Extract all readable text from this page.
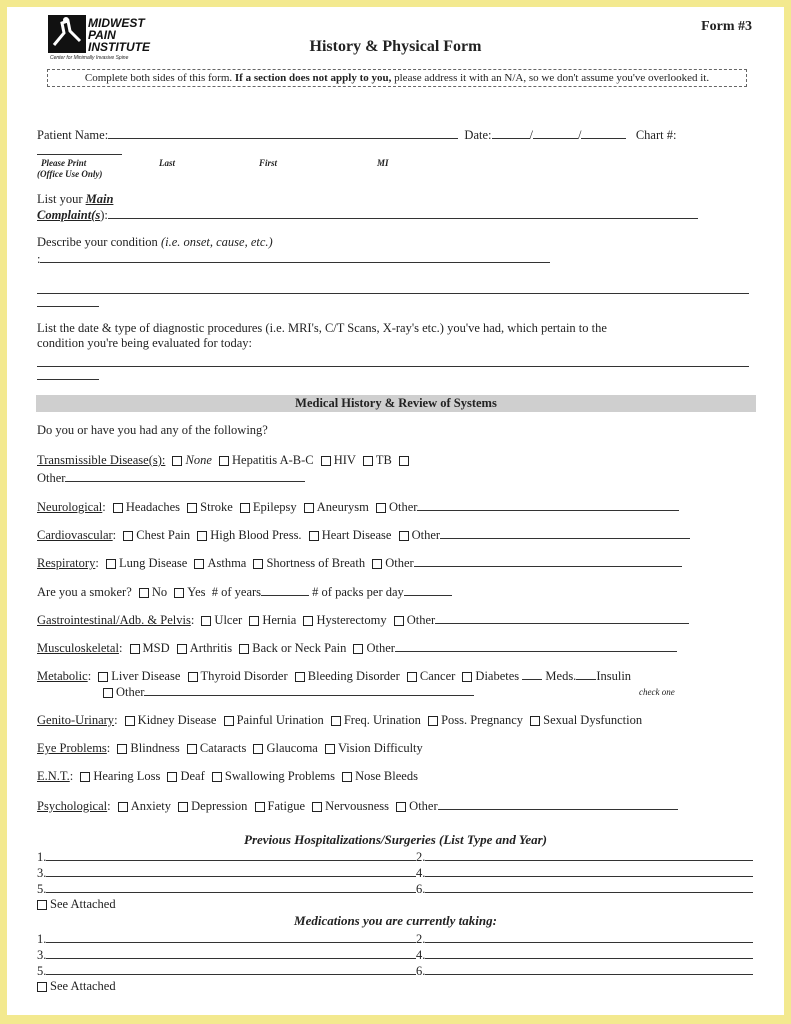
MIDWEST
PAIN
INSTITUTE
Center for Minimally Invasive Spine
Form #3
History & Physical Form
Complete both sides of this form. If a section does not apply to you, please address it with an N/A, so we don't assume you've overlooked it.
Patient Name:	Date:	/	/	Chart #:
Please Print	Last	First	MI
(Office Use Only)
List your Main
Complaint(s):
Describe your condition (i.e. onset, cause, etc.)
:
List the date & type of diagnostic procedures (i.e. MRI's, C/T Scans, X-ray's etc.) you've had, which pertain to the
condition you're being evaluated for today:
Medical History & Review of Systems
Do you or have you had any of the following?
Transmissible Disease(s): None Hepatitis A-B-C HIV TB
Other
Neurological: Headaches Stroke Epilepsy Aneurysm Other
Cardiovascular: Chest Pain High Blood Press. Heart Disease Other
Respiratory: Lung Disease Asthma Shortness of Breath Other
Are you a smoker? No Yes # of years	# of packs per day
Gastrointestinal/Adb. & Pelvis: Ulcer Hernia Hysterectomy Other
Musculoskeletal: MSD Arthritis Back or Neck Pain Other
Metabolic: Liver Disease Thyroid Disorder Bleeding Disorder Cancer Diabetes Meds. Insulin
Other	check one
Genito-Urinary: Kidney Disease Painful Urination Freq. Urination Poss. Pregnancy Sexual Dysfunction
Eye Problems: Blindness Cataracts Glaucoma Vision Difficulty
E.N.T.: Hearing Loss Deaf Swallowing Problems Nose Bleeds
Psychological: Anxiety Depression Fatigue Nervousness Other
Previous Hospitalizations/Surgeries (List Type and Year)
1.	2.
3.	4.
5.	6.
See Attached
Medications you are currently taking:
1.	2.
3.	4.
5.	6.
See Attached
